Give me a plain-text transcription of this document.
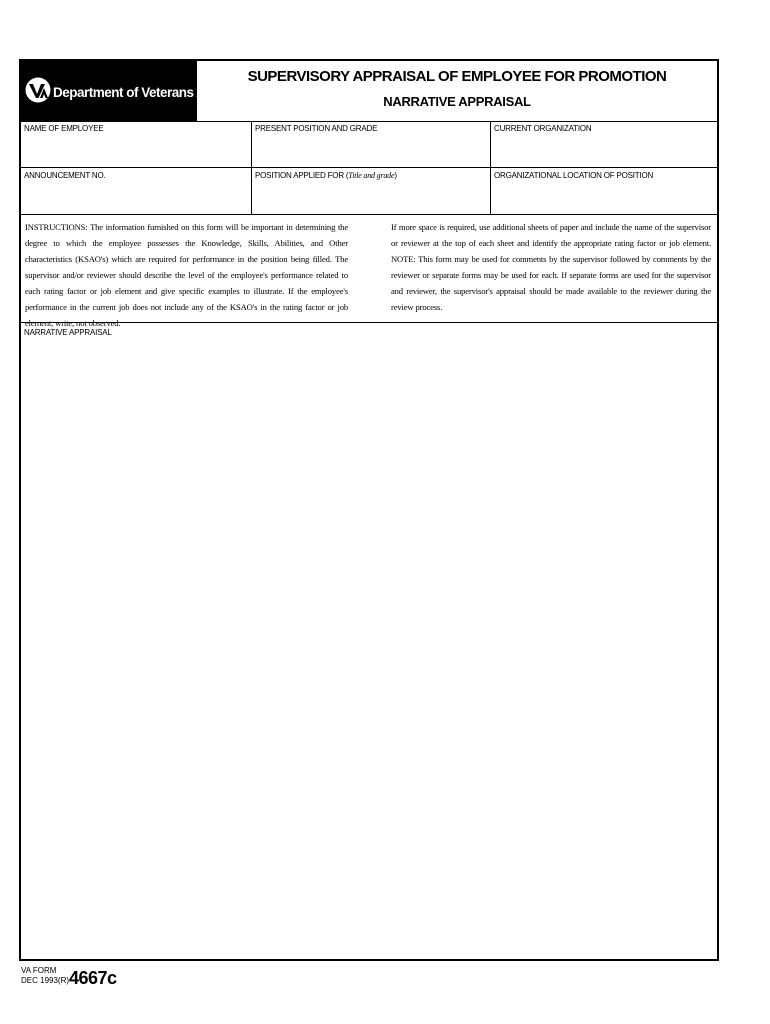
Department of Veterans Affairs
SUPERVISORY APPRAISAL OF EMPLOYEE FOR PROMOTION
NARRATIVE APPRAISAL
NAME OF EMPLOYEE	PRESENT POSITION AND GRADE	CURRENT ORGANIZATION
ANNOUNCEMENT NO.	POSITION APPLIED FOR (Title and grade)	ORGANIZATIONAL LOCATION OF POSITION
INSTRUCTIONS: The information furnished on this form will be important in determining the degree to which the employee possesses the Knowledge, Skills, Abilities, and Other characteristics (KSAO's) which are required for performance in the position being filled. The supervisor and/or reviewer should describe the level of the employee's performance related to each rating factor or job element and give specific examples to illustrate. If the employee's performance in the current job does not include any of the KSAO's in the rating factor or job element, write, not observed.
If more space is required, use additional sheets of paper and include the name of the supervisor or reviewer at the top of each sheet and identify the appropriate rating factor or job element. NOTE: This form may be used for comments by the supervisor followed by comments by the reviewer or separate forms may be used for each. If separate forms are used for the supervisor and reviewer, the supervisor's appraisal should be made available to the reviewer during the review process.
NARRATIVE APPRAISAL
VA FORM
DEC 1993(R) 4667c
